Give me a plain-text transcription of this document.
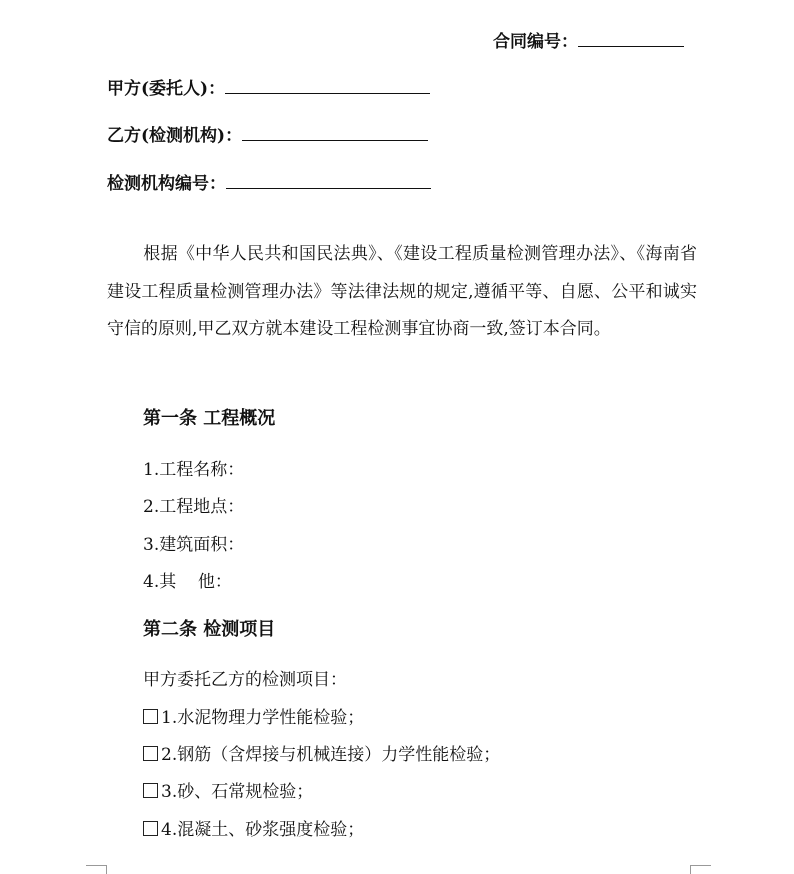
合同编号：
甲方(委托人)：
乙方(检测机构)：
检测机构编号：
根据《中华人民共和国民法典》、《建设工程质量检测管理办法》、《海南省建设工程质量检测管理办法》等法律法规的规定,遵循平等、自愿、公平和诚实守信的原则,甲乙双方就本建设工程检测事宜协商一致,签订本合同。
第一条 工程概况
1.工程名称：
2.工程地点：
3.建筑面积：
4.其    他：
第二条 检测项目
甲方委托乙方的检测项目：
1.水泥物理力学性能检验；
2.钢筋（含焊接与机械连接）力学性能检验；
3.砂、石常规检验；
4.混凝土、砂浆强度检验；
